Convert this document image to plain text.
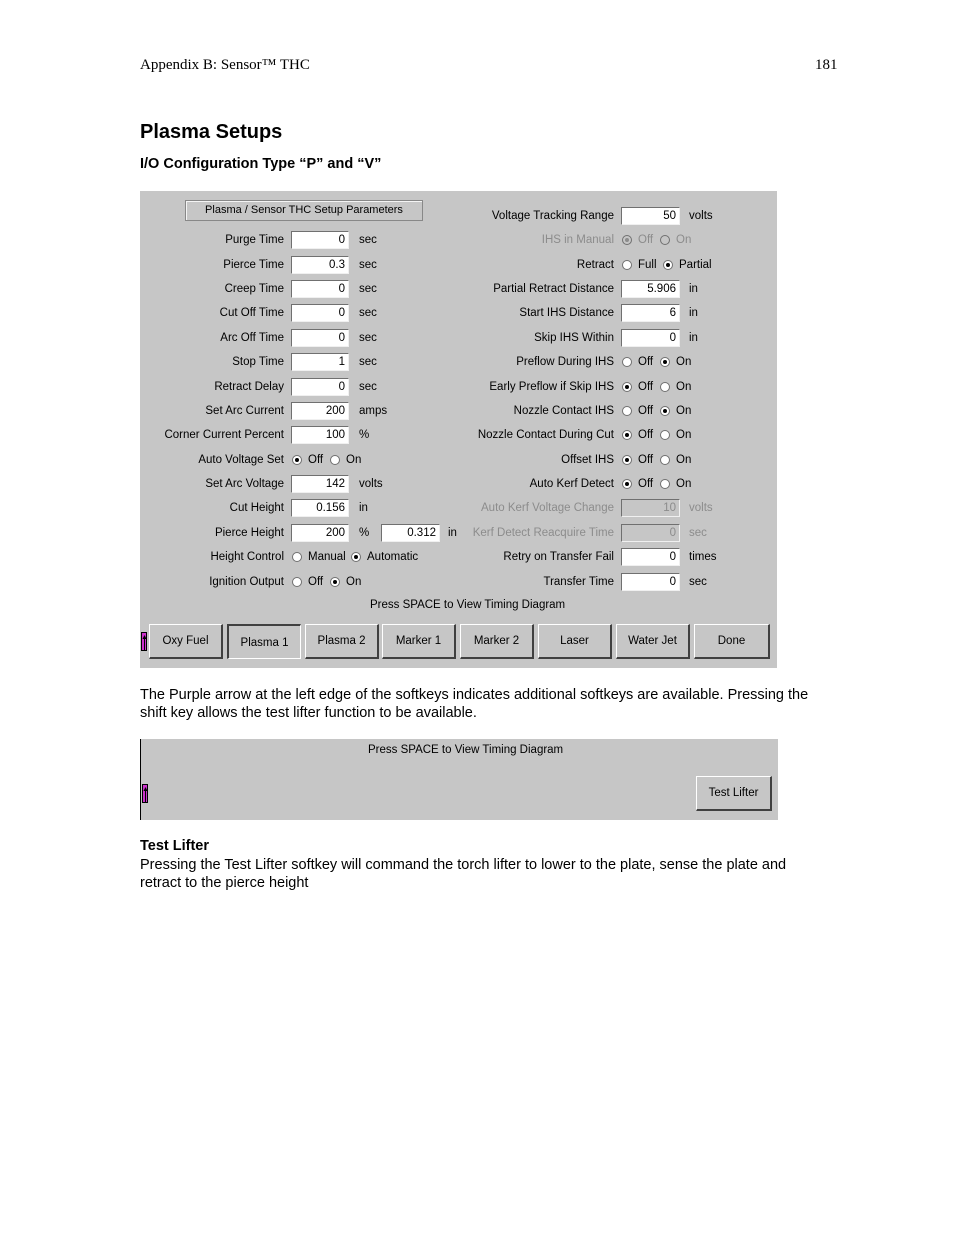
Appendix B: Sensor™ THC	181
Plasma Setups
I/O Configuration Type “P” and “V”
Plasma / Sensor THC Setup Parameters
Purge Time	0	sec
Pierce Time	0.3	sec
Creep Time	0	sec
Cut Off Time	0	sec
Arc Off Time	0	sec
Stop Time	1	sec
Retract Delay	0	sec
Set Arc Current	200	amps
Corner Current Percent	100	%
Auto Voltage Set Off On
Set Arc Voltage	142	volts
Cut Height	0.156	in
Pierce Height	200	%	0.312	in
Height Control Manual Automatic
Ignition Output Off On
Voltage Tracking Range	50	volts
IHS in Manual Off On
Retract Full Partial
Partial Retract Distance	5.906	in
Start IHS Distance	6	in
Skip IHS Within	0	in
Preflow During IHS Off On
Early Preflow if Skip IHS Off On
Nozzle Contact IHS Off On
Nozzle Contact During Cut Off On
Offset IHS Off On
Auto Kerf Detect Off On
Auto Kerf Voltage Change	10	volts
Kerf Detect Reacquire Time	0	sec
Retry on Transfer Fail	0	times
Transfer Time	0	sec
Press SPACE to View Timing Diagram
Oxy Fuel	Plasma 1	Plasma 2	Marker 1	Marker 2	Laser	Water Jet	Done
The Purple arrow at the left edge of the softkeys indicates additional softkeys are available. Pressing the shift key allows the test lifter function to be available.
Press SPACE to View Timing Diagram
Test Lifter
Test Lifter
Pressing the Test Lifter softkey will command the torch lifter to lower to the plate, sense the plate and retract to the pierce height
